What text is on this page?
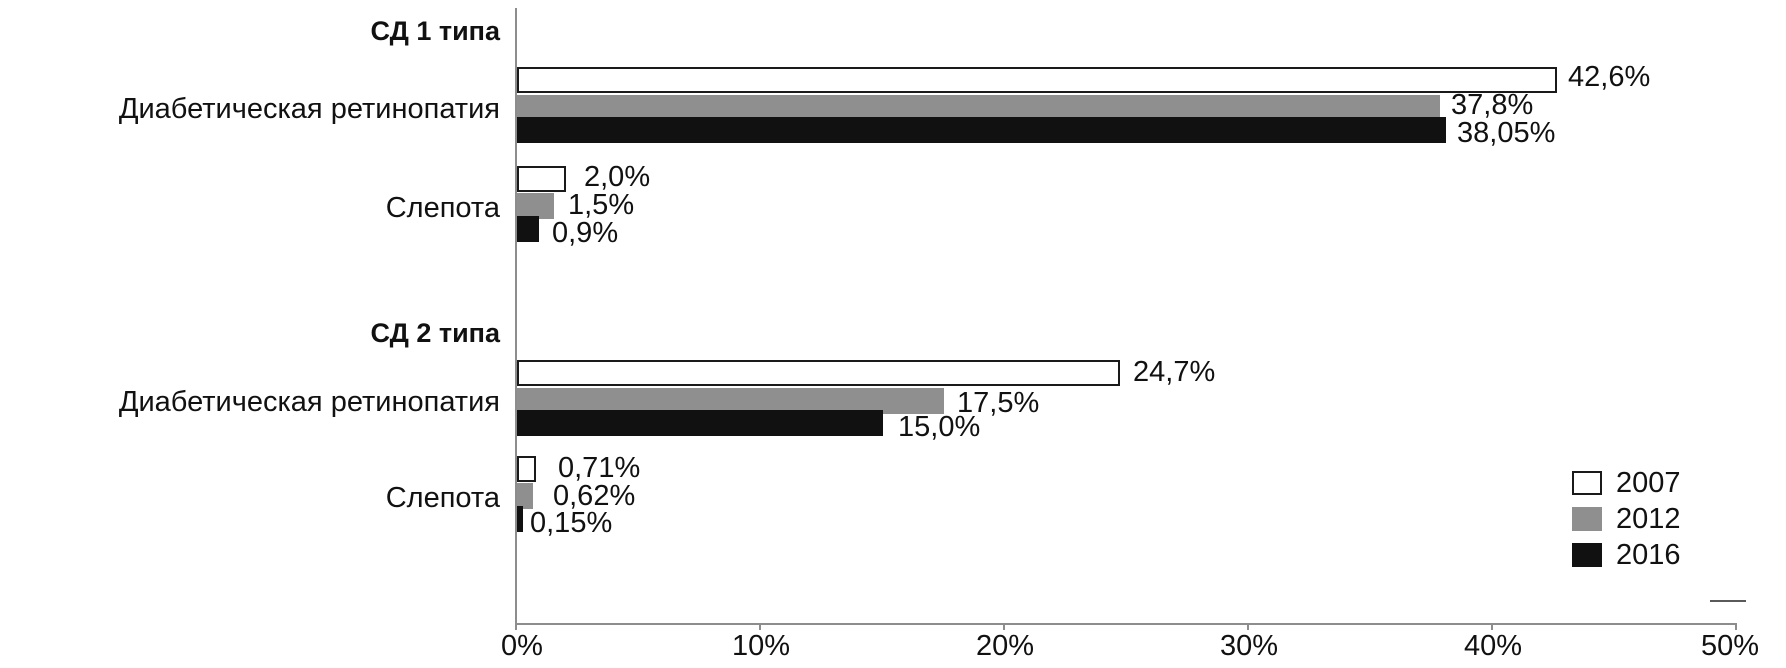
0%	10%	20%	30%	40%	50%
СД 1 типа
Диабетическая ретинопатия
42,6%
37,8%
38,05%
Слепота
2,0%
1,5%
0,9%
СД 2 типа
Диабетическая ретинопатия
24,7%
17,5%
15,0%
Слепота
0,71%
0,62%
0,15%
2007
2012
2016
